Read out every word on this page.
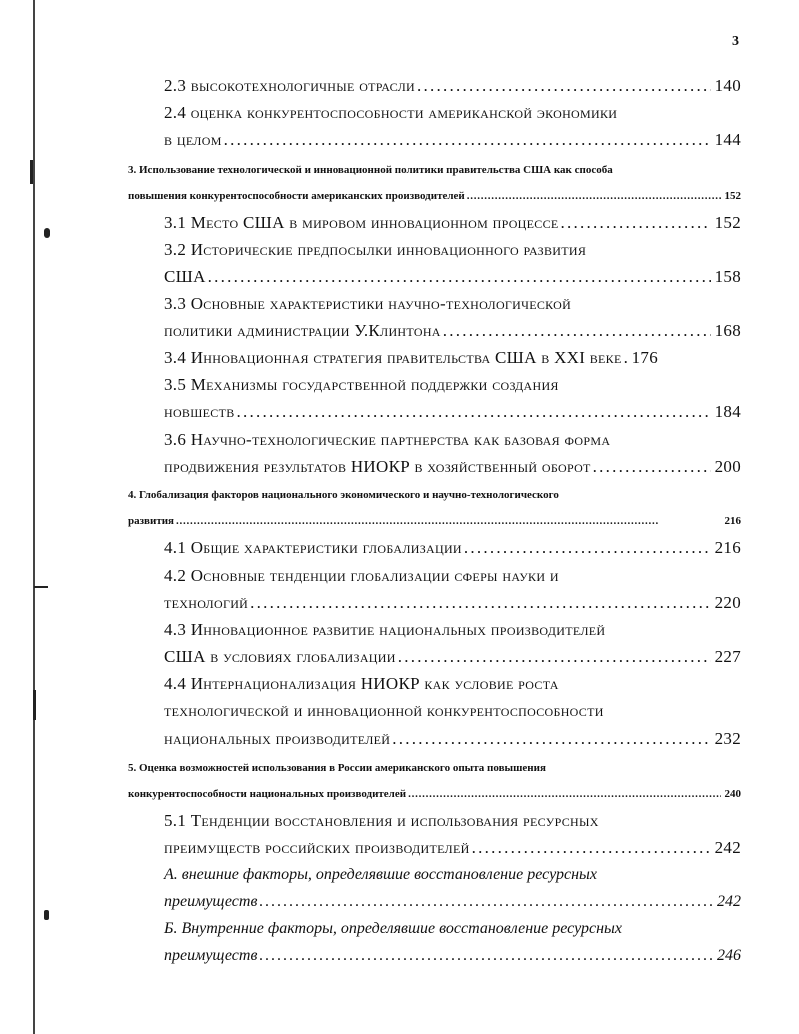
3
2.3 высокотехнологичные отрасли . . .	140
2.4 оценка конкурентоспособности американской экономики
в целом . . .	144
3. Использование технологической и инновационной политики правительства США как способа
повышения конкурентоспособности американских производителей . . .	152
3.1 Место США в мировом инновационном процессе . . .	152
3.2 Исторические предпосылки инновационного развития
США . . .	158
3.3 Основные характеристики научно-технологической
политики администрации У.Клинтона . . .	168
3.4 Инновационная стратегия правительства США в XXI веке . . . 176
3.5 Механизмы государственной поддержки создания
новшеств . . .	184
3.6 Научно-технологические партнерства как базовая форма
продвижения результатов НИОКР в хозяйственный оборот . . .	200
4. Глобализация факторов национального экономического и научно-технологического
развития . . .	216
4.1 Общие характеристики глобализации . . .	216
4.2 Основные тенденции глобализации сферы науки и
технологий . . .	220
4.3 Инновационное развитие национальных производителей
США в условиях глобализации . . .	227
4.4 Интернационализация НИОКР как условие роста
технологической и инновационной конкурентоспособности
национальных производителей . . .	232
5. Оценка возможностей использования в России американского опыта повышения
конкурентоспособности национальных производителей . . .	240
5.1 Тенденции восстановления и использования ресурсных
преимуществ российских производителей . . .	242
А. внешние факторы, определявшие восстановление ресурсных
преимуществ . . .	242
Б. Внутренние факторы, определявшие восстановление ресурсных
преимуществ . . .	246
